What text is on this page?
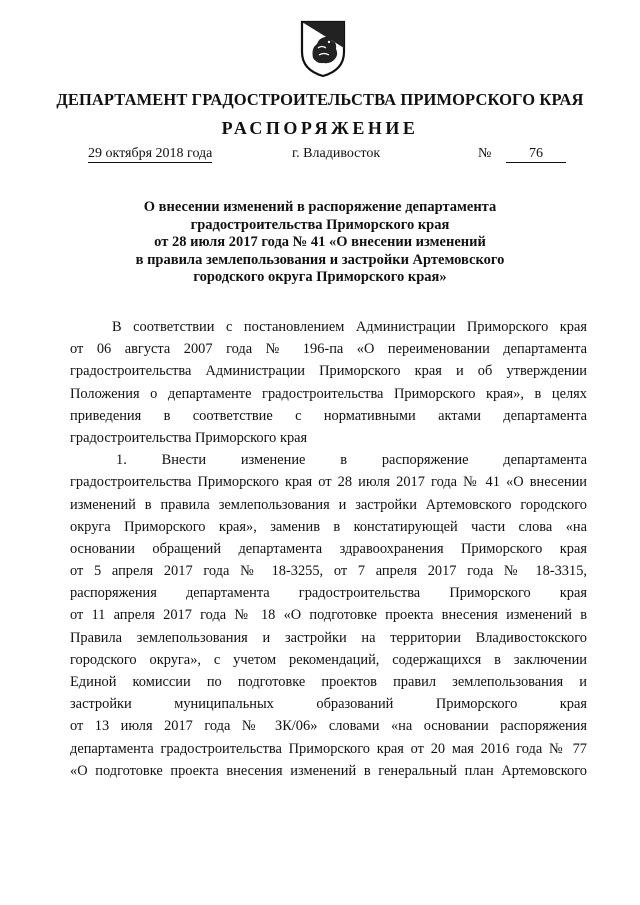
ДЕПАРТАМЕНТ ГРАДОСТРОИТЕЛЬСТВА ПРИМОРСКОГО КРАЯ
РАСПОРЯЖЕНИЕ
29 октября 2018 года	г. Владивосток	№	76
О внесении изменений в распоряжение департамента
градостроительства Приморского края
от 28 июля 2017 года № 41 «О внесении изменений
в правила землепользования и застройки Артемовского
городского округа Приморского края»
В соответствии с постановлением Администрации Приморского края
от 06 августа 2007 года № 196-па «О переименовании департамента
градостроительства Администрации Приморского края и об утверждении
Положения о департаменте градостроительства Приморского края», в целях
приведения в соответствие с нормативными актами департамента
градостроительства Приморского края
1. Внести изменение в распоряжение департамента
градостроительства Приморского края от 28 июля 2017 года № 41 «О внесении
изменений в правила землепользования и застройки Артемовского городского
округа Приморского края», заменив в констатирующей части слова «на
основании обращений департамента здравоохранения Приморского края
от 5 апреля 2017 года № 18-3255, от 7 апреля 2017 года № 18-3315,
распоряжения департамента градостроительства Приморского края
от 11 апреля 2017 года № 18 «О подготовке проекта внесения изменений в
Правила землепользования и застройки на территории Владивостокского
городского округа», с учетом рекомендаций, содержащихся в заключении
Единой комиссии по подготовке проектов правил землепользования и
застройки муниципальных образований Приморского края
от 13 июля 2017 года № ЗК/06» словами «на основании распоряжения
департамента градостроительства Приморского края от 20 мая 2016 года № 77
«О подготовке проекта внесения изменений в генеральный план Артемовского
